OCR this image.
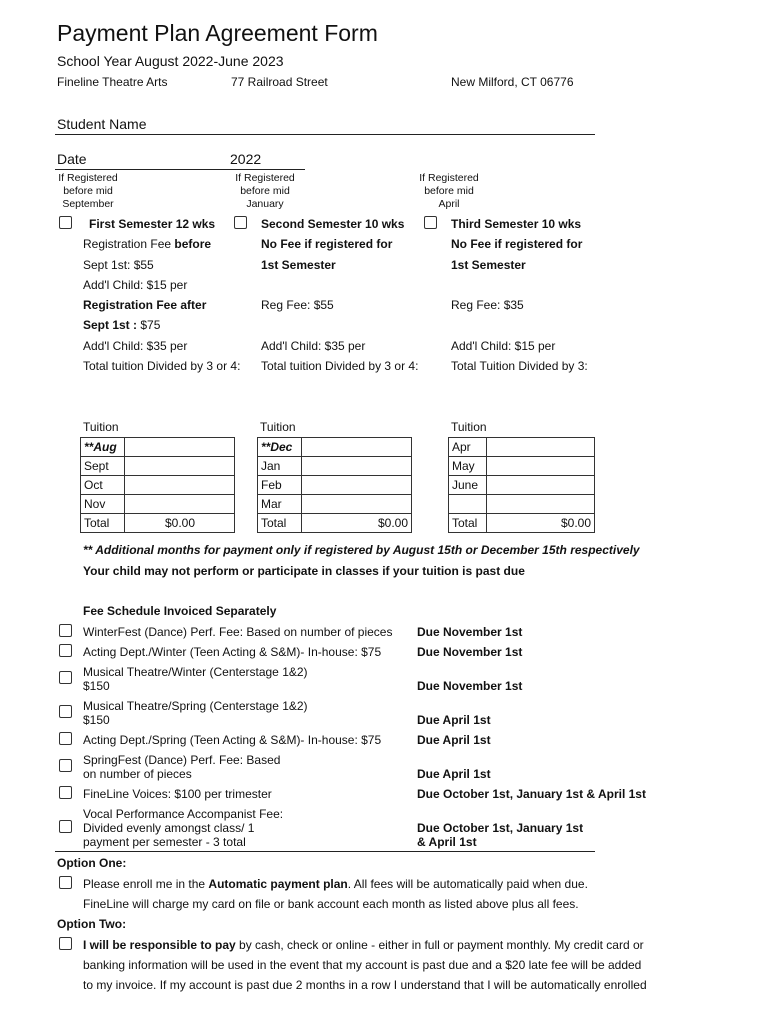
Payment Plan Agreement Form
School Year August 2022-June 2023
Fineline Theatre Arts	77 Railroad Street	New Milford, CT 06776
Student Name
Date	2022
If Registered
before mid
September
If Registered
before mid
January
If Registered
before mid
April
First Semester 12 wks	Second Semester 10 wks	Third Semester 10 wks
Registration Fee before
Sept 1st: $55
Add'l Child: $15 per
Registration Fee after
Sept 1st : $75
Add'l Child: $35 per
Total tuition Divided by 3 or 4:
No Fee if registered for
1st Semester
Reg Fee: $55
Add'l Child: $35 per
Total tuition Divided by 3 or 4:
No Fee if registered for
1st Semester
Reg Fee: $35
Add'l Child: $15 per
Total Tuition Divided by 3:
Tuition
**Aug	
Sept	
Oct	
Nov	
Total	$0.00
Tuition
**Dec	
Jan	
Feb	
Mar	
Total	$0.00
Tuition
Apr	
May	
June	

Total	$0.00
** Additional months for payment only if registered by August 15th or December 15th respectively
Your child may not perform or participate in classes if your tuition is past due
Fee Schedule Invoiced Separately
WinterFest (Dance) Perf. Fee: Based on number of pieces Due November 1st
Acting Dept./Winter (Teen Acting & S&M)- In-house: $75	Due November 1st
Musical Theatre/Winter (Centerstage 1&2)
$150	Due November 1st
Musical Theatre/Spring (Centerstage 1&2)
$150	Due April 1st
Acting Dept./Spring (Teen Acting & S&M)- In-house: $75	Due April 1st
SpringFest (Dance) Perf. Fee: Based
on number of pieces	Due April 1st
FineLine Voices: $100 per trimester	Due October 1st, January 1st & April 1st
Vocal Performance Accompanist Fee:
Divided evenly amongst class/ 1
payment per semester - 3 total
Due October 1st, January 1st
& April 1st
Option One:
Please enroll me in the Automatic payment plan. All fees will be automatically paid when due.
FineLine will charge my card on file or bank account each month as listed above plus all fees.
Option Two:
I will be responsible to pay by cash, check or online - either in full or payment monthly. My credit card or
banking information will be used in the event that my account is past due and a $20 late fee will be added
to my invoice. If my account is past due 2 months in a row I understand that I will be automatically enrolled
